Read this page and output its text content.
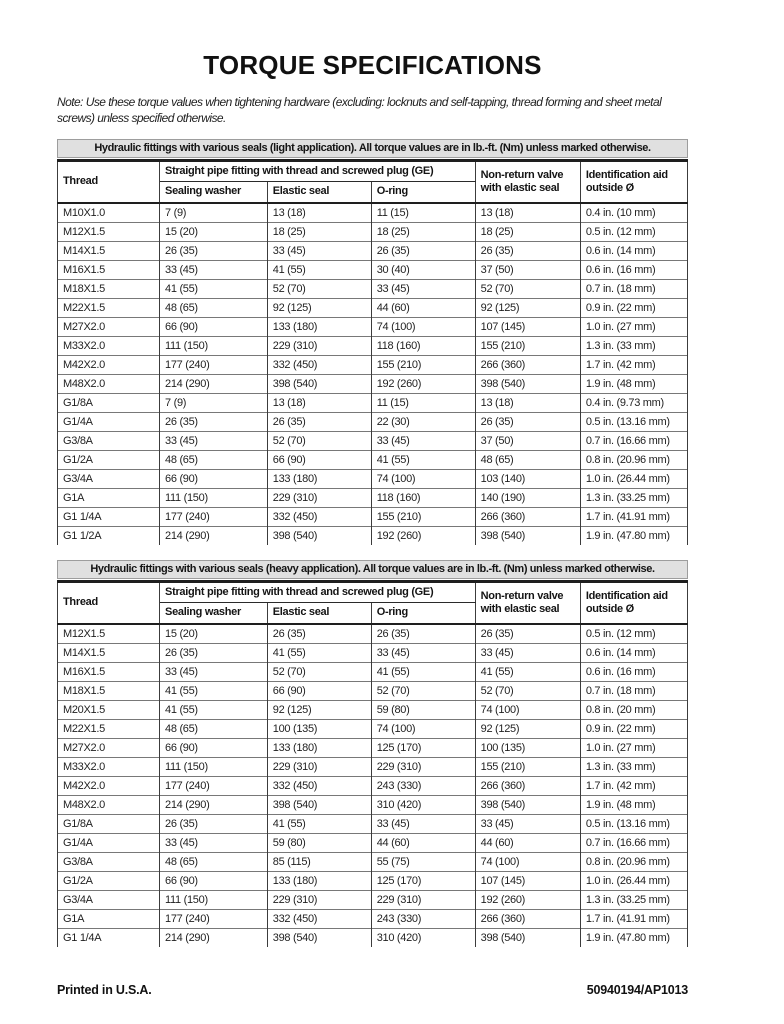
TORQUE SPECIFICATIONS

Note: Use these torque values when tightening hardware (excluding: locknuts and self-tapping, thread forming and sheet metal screws) unless specified otherwise.

Hydraulic fittings with various seals (light application). All torque values are in lb.-ft. (Nm) unless marked otherwise.
Thread	Straight pipe fitting with thread and screwed plug (GE)			Non-return valve with elastic seal	Identification aid outside Ø
	Sealing washer	Elastic seal	O-ring		
M10X1.0	7 (9)	13 (18)	11 (15)	13 (18)	0.4 in. (10 mm)
M12X1.5	15 (20)	18 (25)	18 (25)	18 (25)	0.5 in. (12 mm)
M14X1.5	26 (35)	33 (45)	26 (35)	26 (35)	0.6 in. (14 mm)
M16X1.5	33 (45)	41 (55)	30 (40)	37 (50)	0.6 in. (16 mm)
M18X1.5	41 (55)	52 (70)	33 (45)	52 (70)	0.7 in. (18 mm)
M22X1.5	48 (65)	92 (125)	44 (60)	92 (125)	0.9 in. (22 mm)
M27X2.0	66 (90)	133 (180)	74 (100)	107 (145)	1.0 in. (27 mm)
M33X2.0	111 (150)	229 (310)	118 (160)	155 (210)	1.3 in. (33 mm)
M42X2.0	177 (240)	332 (450)	155 (210)	266 (360)	1.7 in. (42 mm)
M48X2.0	214 (290)	398 (540)	192 (260)	398 (540)	1.9 in. (48 mm)
G1/8A	7 (9)	13 (18)	11 (15)	13 (18)	0.4 in. (9.73 mm)
G1/4A	26 (35)	26 (35)	22 (30)	26 (35)	0.5 in. (13.16 mm)
G3/8A	33 (45)	52 (70)	33 (45)	37 (50)	0.7 in. (16.66 mm)
G1/2A	48 (65)	66 (90)	41 (55)	48 (65)	0.8 in. (20.96 mm)
G3/4A	66 (90)	133 (180)	74 (100)	103 (140)	1.0 in. (26.44 mm)
G1A	111 (150)	229 (310)	118 (160)	140 (190)	1.3 in. (33.25 mm)
G1 1/4A	177 (240)	332 (450)	155 (210)	266 (360)	1.7 in. (41.91 mm)
G1 1/2A	214 (290)	398 (540)	192 (260)	398 (540)	1.9 in. (47.80 mm)
Hydraulic fittings with various seals (heavy application). All torque values are in lb.-ft. (Nm) unless marked otherwise.
Thread	Straight pipe fitting with thread and screwed plug (GE)			Non-return valve with elastic seal	Identification aid outside Ø
	Sealing washer	Elastic seal	O-ring		
M12X1.5	15 (20)	26 (35)	26 (35)	26 (35)	0.5 in. (12 mm)
M14X1.5	26 (35)	41 (55)	33 (45)	33 (45)	0.6 in. (14 mm)
M16X1.5	33 (45)	52 (70)	41 (55)	41 (55)	0.6 in. (16 mm)
M18X1.5	41 (55)	66 (90)	52 (70)	52 (70)	0.7 in. (18 mm)
M20X1.5	41 (55)	92 (125)	59 (80)	74 (100)	0.8 in. (20 mm)
M22X1.5	48 (65)	100 (135)	74 (100)	92 (125)	0.9 in. (22 mm)
M27X2.0	66 (90)	133 (180)	125 (170)	100 (135)	1.0 in. (27 mm)
M33X2.0	111 (150)	229 (310)	229 (310)	155 (210)	1.3 in. (33 mm)
M42X2.0	177 (240)	332 (450)	243 (330)	266 (360)	1.7 in. (42 mm)
M48X2.0	214 (290)	398 (540)	310 (420)	398 (540)	1.9 in. (48 mm)
G1/8A	26 (35)	41 (55)	33 (45)	33 (45)	0.5 in. (13.16 mm)
G1/4A	33 (45)	59 (80)	44 (60)	44 (60)	0.7 in. (16.66 mm)
G3/8A	48 (65)	85 (115)	55 (75)	74 (100)	0.8 in. (20.96 mm)
G1/2A	66 (90)	133 (180)	125 (170)	107 (145)	1.0 in. (26.44 mm)
G3/4A	111 (150)	229 (310)	229 (310)	192 (260)	1.3 in. (33.25 mm)
G1A	177 (240)	332 (450)	243 (330)	266 (360)	1.7 in. (41.91 mm)
G1 1/4A	214 (290)	398 (540)	310 (420)	398 (540)	1.9 in. (47.80 mm)
Printed in U.S.A.	50940194/AP1013
